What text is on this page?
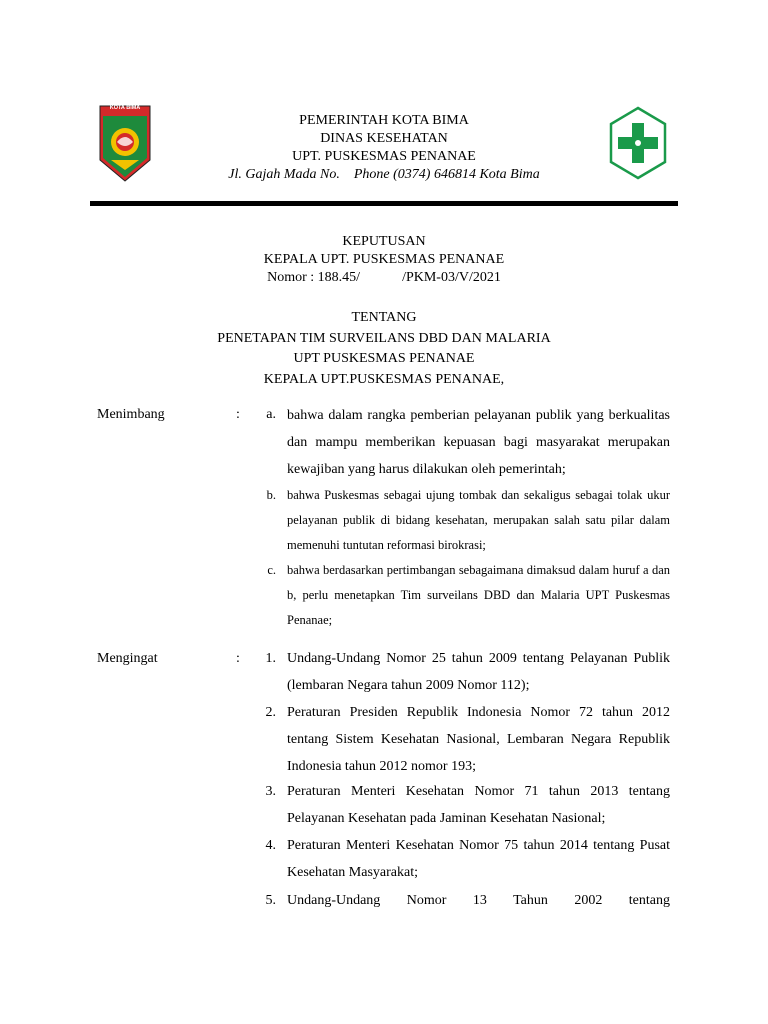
KOTA BIMA
PEMERINTAH KOTA BIMA
DINAS KESEHATAN
UPT. PUSKESMAS PENANAE
Jl. Gajah Mada No.    Phone (0374) 646814 Kota Bima
KEPUTUSAN
KEPALA UPT. PUSKESMAS PENANAE
Nomor : 188.45/            /PKM-03/V/2021
TENTANG
PENETAPAN TIM SURVEILANS DBD DAN MALARIA
UPT PUSKESMAS PENANAE
KEPALA UPT.PUSKESMAS PENANAE,
Menimbang	:	a. bahwa dalam rangka pemberian pelayanan publik yang berkualitas dan mampu memberikan kepuasan bagi masyarakat merupakan kewajiban yang harus dilakukan oleh pemerintah;
b. bahwa Puskesmas sebagai ujung tombak dan sekaligus sebagai tolak ukur pelayanan publik di bidang kesehatan, merupakan salah satu pilar dalam memenuhi tuntutan reformasi birokrasi;
c. bahwa berdasarkan pertimbangan sebagaimana dimaksud dalam huruf a dan b, perlu menetapkan Tim surveilans DBD dan Malaria UPT Puskesmas Penanae;
Mengingat	:	1. Undang-Undang Nomor 25 tahun 2009 tentang Pelayanan Publik (lembaran Negara tahun 2009 Nomor 112);
2. Peraturan Presiden Republik Indonesia Nomor 72 tahun 2012 tentang Sistem Kesehatan Nasional, Lembaran Negara Republik Indonesia tahun 2012 nomor 193;
3. Peraturan Menteri Kesehatan Nomor 71 tahun 2013 tentang Pelayanan Kesehatan pada Jaminan Kesehatan Nasional;
4. Peraturan Menteri Kesehatan Nomor 75 tahun 2014 tentang Pusat Kesehatan Masyarakat;
5. Undang-Undang Nomor 13 Tahun 2002 tentang
